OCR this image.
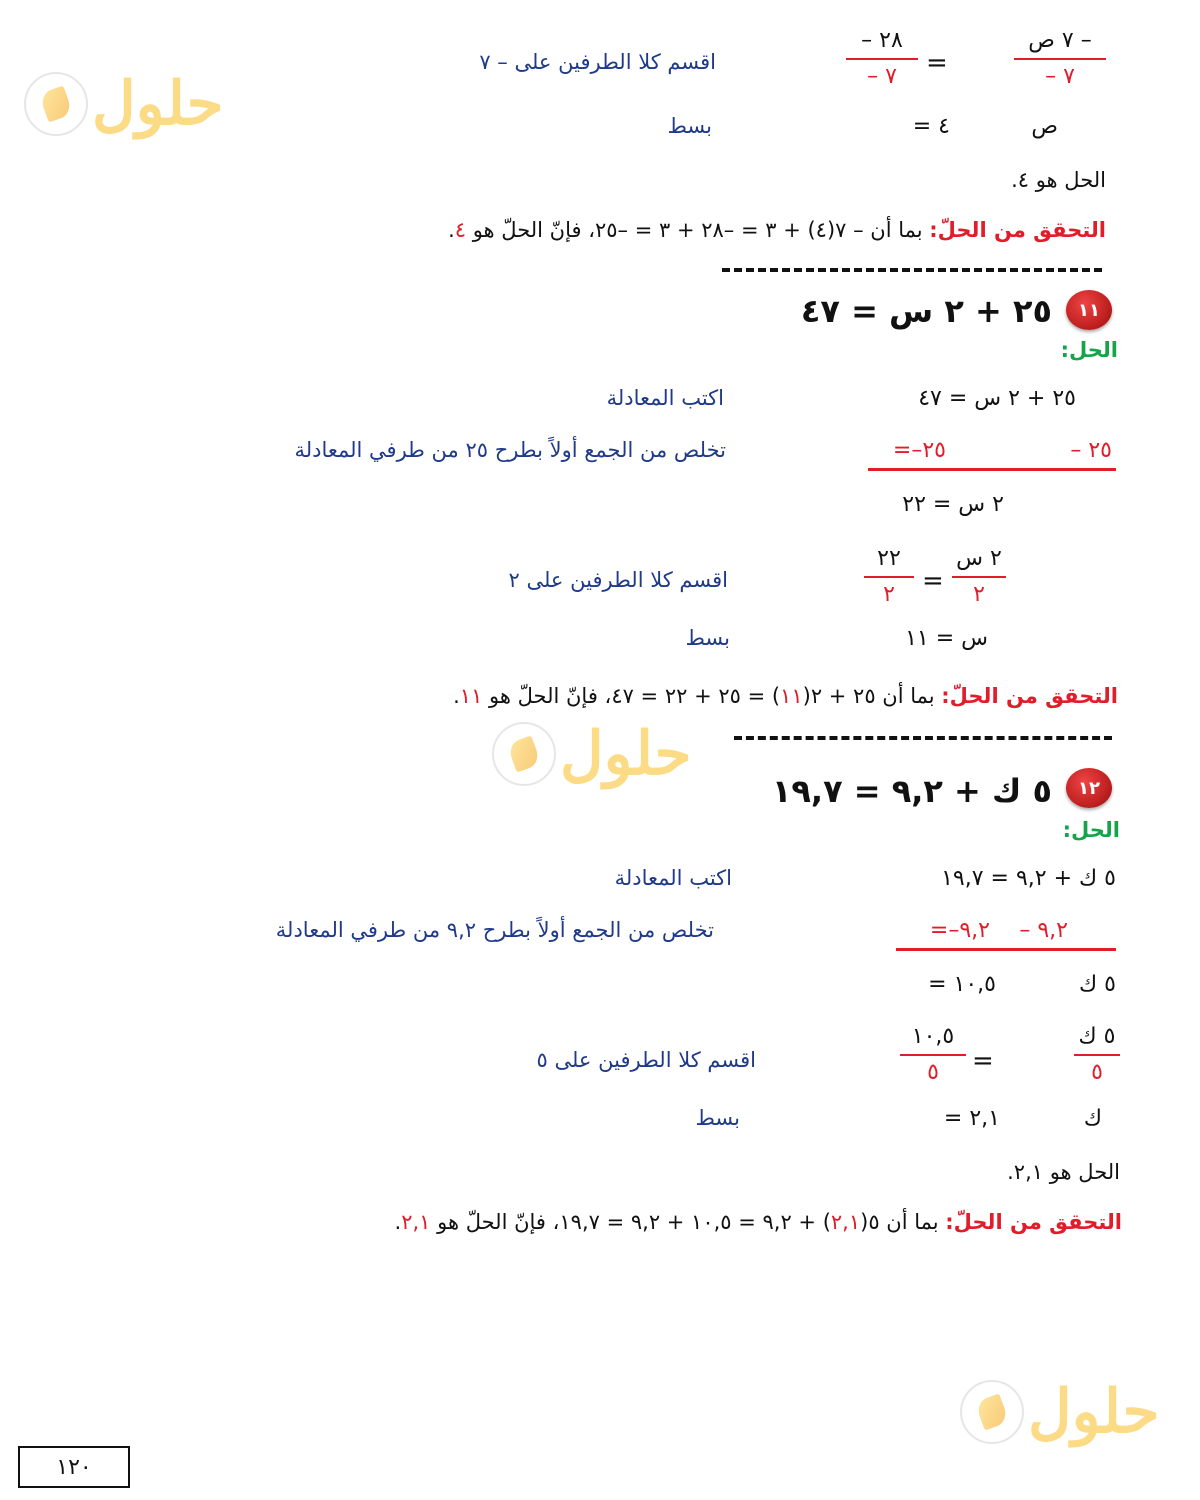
حلول
حلول
حلول
– ٧ ص
– ٧
=
– ٢٨
– ٧
اقسم كلا الطرفين على – ٧
ص
= ٤
بسط
الحل هو ٤.
التحقق من الحلّ: بما أن – ٧(٤) + ٣ = –٢٨ + ٣ = –٢٥، فإنّ الحلّ هو ٤.
١١
٢٥ + ٢ س = ٤٧
الحل:
٢٥ + ٢ س = ٤٧
اكتب المعادلة
– ٢٥
=–٢٥
تخلص من الجمع أولاً بطرح ٢٥ من طرفي المعادلة
٢ س = ٢٢
٢ س
٢
=
٢٢
٢
اقسم كلا الطرفين على ٢
س = ١١
بسط
التحقق من الحلّ: بما أن ٢٥ + ٢(١١) = ٢٥ + ٢٢ = ٤٧، فإنّ الحلّ هو ١١.
١٢
٥ ك + ٩,٢ = ١٩,٧
الحل:
٥ ك + ٩,٢ = ١٩,٧
اكتب المعادلة
– ٩,٢
=–٩,٢
تخلص من الجمع أولاً بطرح ٩,٢ من طرفي المعادلة
٥ ك
= ١٠,٥
٥ ك
٥
=
١٠,٥
٥
اقسم كلا الطرفين على ٥
ك
= ٢,١
بسط
الحل هو ٢,١.
التحقق من الحلّ: بما أن ٥(٢,١) + ٩,٢ = ١٠,٥ + ٩,٢ = ١٩,٧، فإنّ الحلّ هو ٢,١.
١٢٠
